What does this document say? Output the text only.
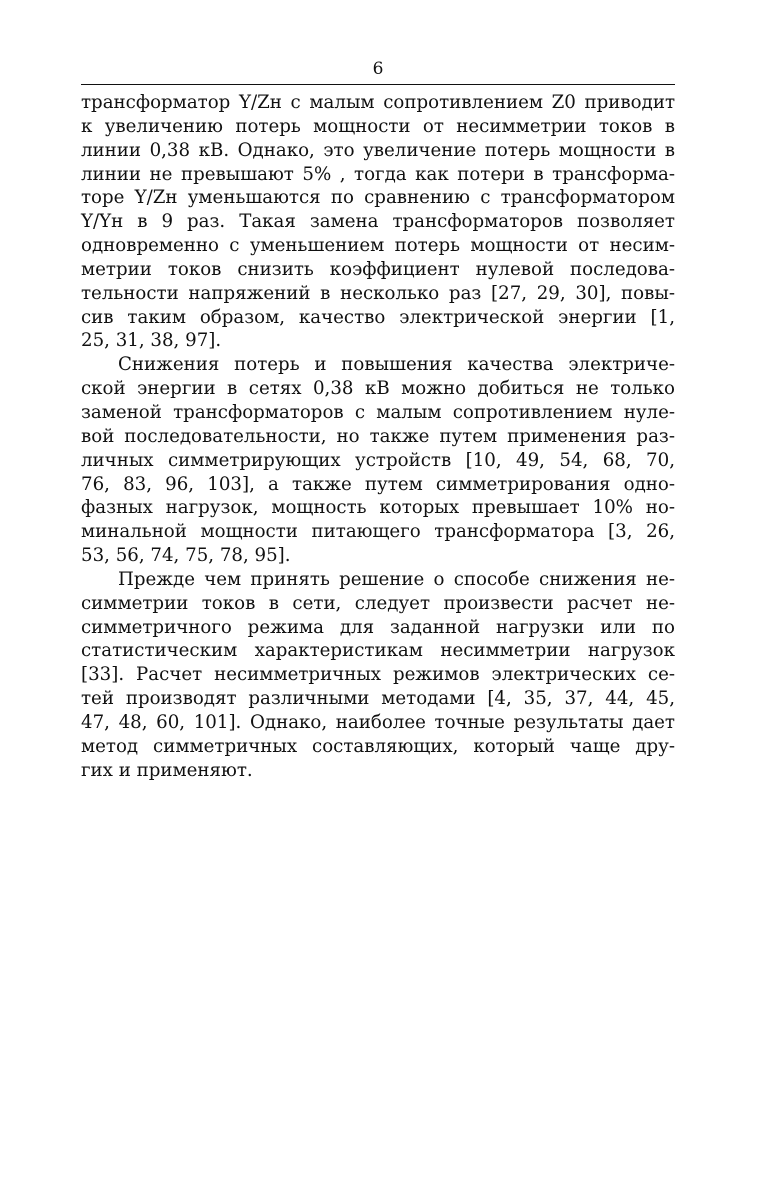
6
трансформатор Y/Zн с малым сопротивлением Z0 приводит
к увеличению потерь мощности от несимметрии токов в
линии 0,38 кВ. Однако, это увеличение потерь мощности в
линии не превышают 5% , тогда как потери в трансформа-
торе Y/Zн уменьшаются по сравнению с трансформатором
Y/Yн в 9 раз. Такая замена трансформаторов позволяет
одновременно с уменьшением потерь мощности от несим-
метрии токов снизить коэффициент нулевой последова-
тельности напряжений в несколько раз [27, 29, 30], повы-
сив таким образом, качество электрической энергии [1,
25, 31, 38, 97].
Снижения потерь и повышения качества электриче-
ской энергии в сетях 0,38 кВ можно добиться не только
заменой трансформаторов с малым сопротивлением нуле-
вой последовательности, но также путем применения раз-
личных симметрирующих устройств [10, 49, 54, 68, 70,
76, 83, 96, 103], а также путем симметрирования одно-
фазных нагрузок, мощность которых превышает 10% но-
минальной мощности питающего трансформатора [3, 26,
53, 56, 74, 75, 78, 95].
Прежде чем принять решение о способе снижения не-
симметрии токов в сети, следует произвести расчет не-
симметричного режима для заданной нагрузки или по
статистическим характеристикам несимметрии нагрузок
[33]. Расчет несимметричных режимов электрических се-
тей производят различными методами [4, 35, 37, 44, 45,
47, 48, 60, 101]. Однако, наиболее точные результаты дает
метод симметричных составляющих, который чаще дру-
гих и применяют.
